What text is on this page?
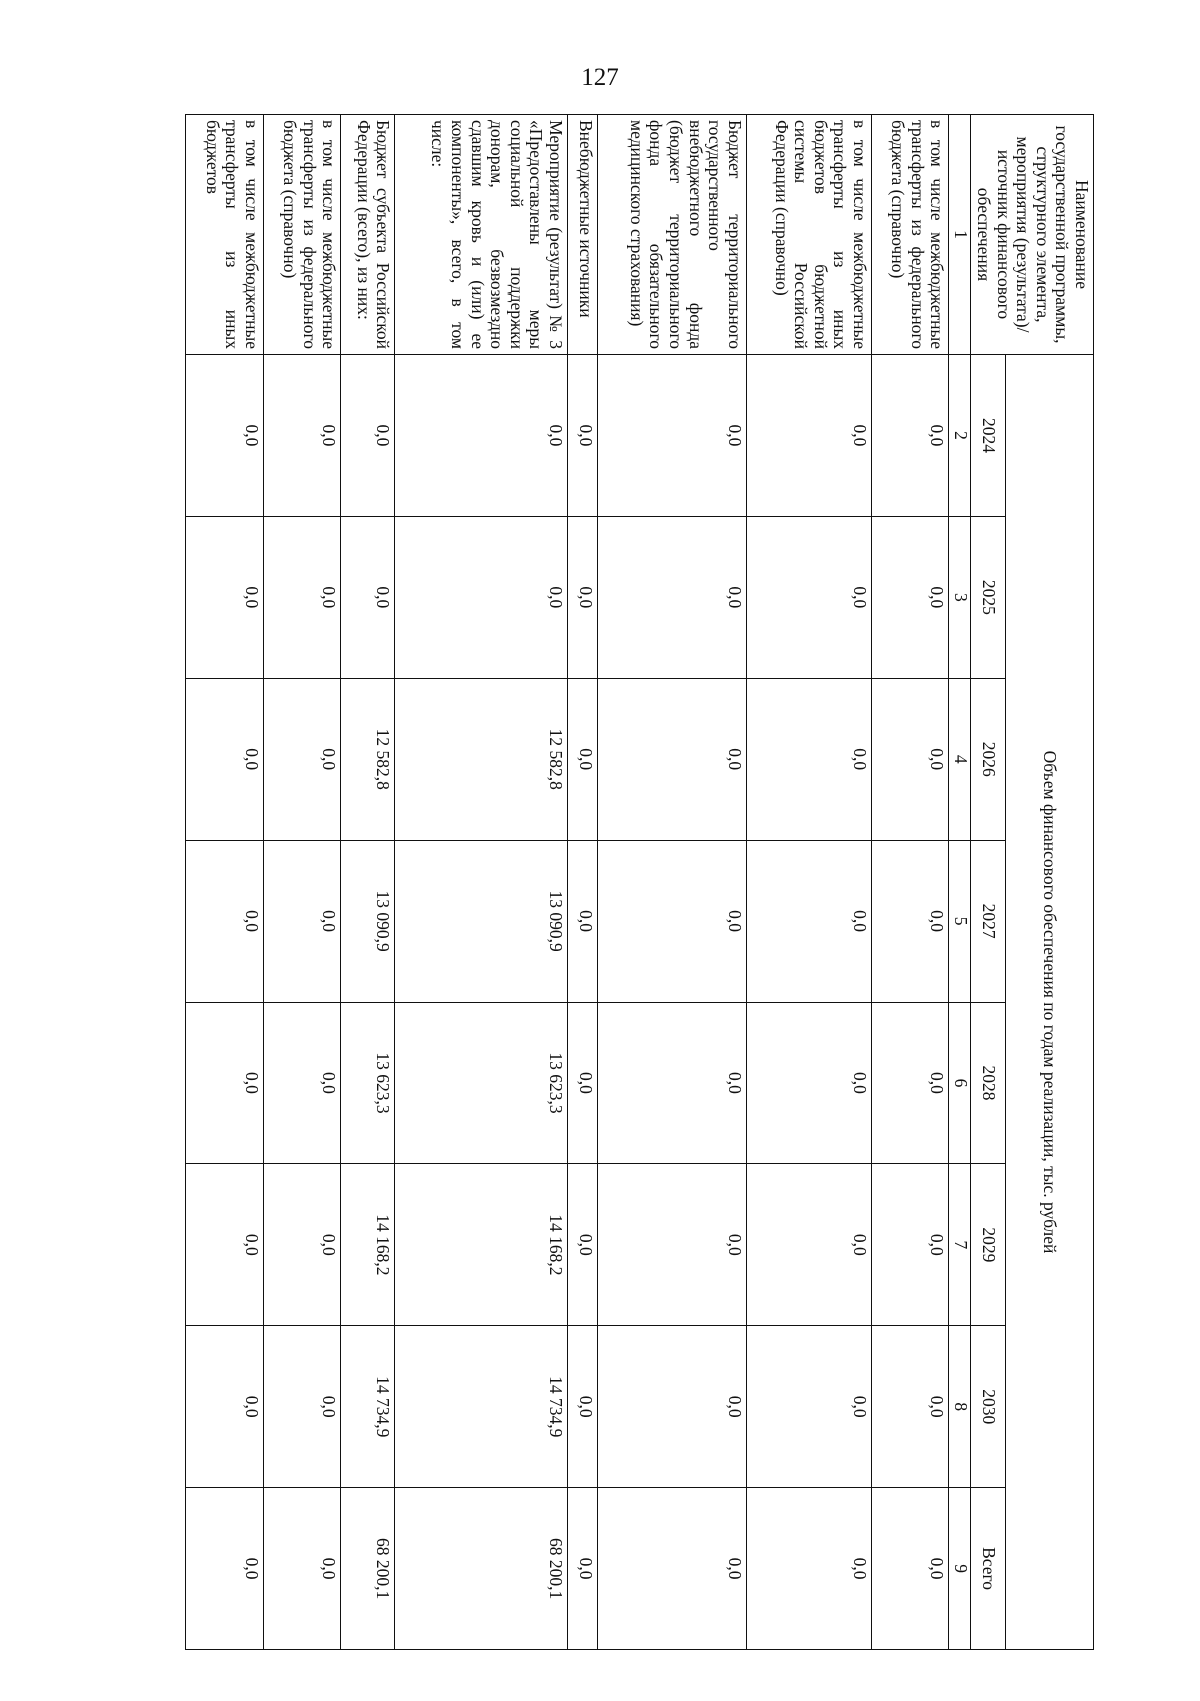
127
Наименование государственной программы, структурного элемента, мероприятия (результата)/источник финансового обеспечения	Объем финансового обеспечения по годам реализации, тыс. рублей							
	2024	2025	2026	2027	2028	2029	2030	Всего
1	2	3	4	5	6	7	8	9
в том числе межбюджетные трансферты из федерального бюджета (справочно)	0,0	0,0	0,0	0,0	0,0	0,0	0,0	0,0
в том числе межбюджетные трансферты из иных бюджетов бюджетной системы Российской Федерации (справочно)	0,0	0,0	0,0	0,0	0,0	0,0	0,0	0,0
Бюджет территориального государственного внебюджетного фонда (бюджет территориального фонда обязательного медицинского страхования)	0,0	0,0	0,0	0,0	0,0	0,0	0,0	0,0
Внебюджетные источники	0,0	0,0	0,0	0,0	0,0	0,0	0,0	0,0
Мероприятие (результат) № 3 «Предоставлены меры социальной поддержки донорам, безвозмездно сдавшим кровь и (или) ее компоненты», всего, в том числе:	0,0	0,0	12 582,8	13 090,9	13 623,3	14 168,2	14 734,9	68 200,1
Бюджет субъекта Российской Федерации (всего), из них:	0,0	0,0	12 582,8	13 090,9	13 623,3	14 168,2	14 734,9	68 200,1
в том числе межбюджетные трансферты из федерального бюджета (справочно)	0,0	0,0	0,0	0,0	0,0	0,0	0,0	0,0
в том числе межбюджетные трансферты из иных бюджетов	0,0	0,0	0,0	0,0	0,0	0,0	0,0	0,0
